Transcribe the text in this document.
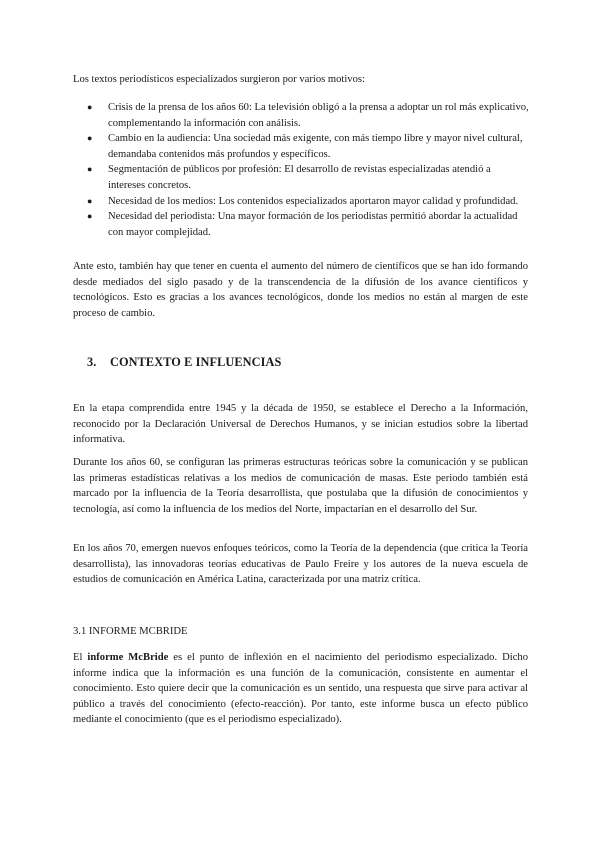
Los textos periodísticos especializados surgieron por varios motivos:
● Crisis de la prensa de los años 60: La televisión obligó a la prensa a adoptar un rol más explicativo, complementando la información con análisis.
● Cambio en la audiencia: Una sociedad más exigente, con más tiempo libre y mayor nivel cultural, demandaba contenidos más profundos y específicos.
● Segmentación de públicos por profesión: El desarrollo de revistas especializadas atendió a intereses concretos.
● Necesidad de los medios: Los contenidos especializados aportaron mayor calidad y profundidad.
● Necesidad del periodista: Una mayor formación de los periodistas permitió abordar la actualidad con mayor complejidad.
Ante esto, también hay que tener en cuenta el aumento del número de científicos que se han ido formando desde mediados del siglo pasado y de la transcendencia de la difusión de los avance científicos y tecnológicos. Esto es gracias a los avances tecnológicos, donde los medios no están al margen de este proceso de cambio.
3. CONTEXTO E INFLUENCIAS
En la etapa comprendida entre 1945 y la década de 1950, se establece el Derecho a la Información, reconocido por la Declaración Universal de Derechos Humanos, y se inician estudios sobre la libertad informativa.
Durante los años 60, se configuran las primeras estructuras teóricas sobre la comunicación y se publican las primeras estadísticas relativas a los medios de comunicación de masas. Este periodo también está marcado por la influencia de la Teoría desarrollista, que postulaba que la difusión de conocimientos y tecnología, así como la influencia de los medios del Norte, impactarían en el desarrollo del Sur.
En los años 70, emergen nuevos enfoques teóricos, como la Teoría de la dependencia (que critica la Teoría desarrollista), las innovadoras teorías educativas de Paulo Freire y los autores de la nueva escuela de estudios de comunicación en América Latina, caracterizada por una matriz crítica.
3.1 INFORME MCBRIDE
El informe McBride es el punto de inflexión en el nacimiento del periodismo especializado. Dicho informe indica que la información es una función de la comunicación, consistente en aumentar el conocimiento. Esto quiere decir que la comunicación es un sentido, una respuesta que sirve para activar al público a través del conocimiento (efecto-reacción). Por tanto, este informe busca un efecto público mediante el conocimiento (que es el periodismo especializado).
